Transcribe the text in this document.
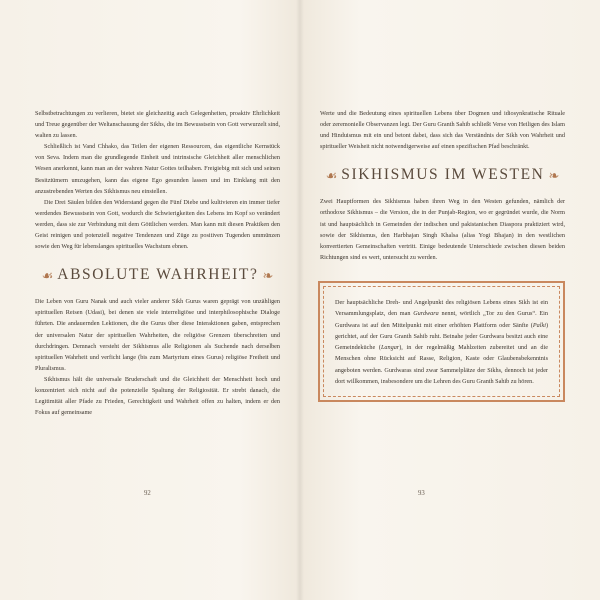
Selbstbetrachtungen zu verlieren, bietet sie gleichzeitig auch Gelegenheiten, proaktiv Ehrlichkeit und Treue gegenüber der Weltanschauung der Sikhs, die im Bewusstsein von Gott verwurzelt sind, walten zu lassen.

Schließlich ist Vand Chhako, das Teilen der eigenen Ressourcen, das eigentliche Kernstück von Seva. Indem man die grundlegende Einheit und intrinsische Gleichheit aller menschlichen Wesen anerkennt, kann man an der wahren Natur Gottes teilhaben. Freigiebig mit sich und seinen Besitztümern umzugehen, kann das eigene Ego gesunden lassen und im Einklang mit den anzustrebenden Werten des Sikhismus neu einstellen.

Die Drei Säulen bilden den Widerstand gegen die Fünf Diebe und kultivieren ein immer tiefer werdendes Bewusstsein von Gott, wodurch die Schwierigkeiten des Lebens im Kopf so verändert werden, dass sie zur Verbindung mit dem Göttlichen werden. Man kann mit diesen Praktiken den Geist reinigen und potenziell negative Tendenzen und Züge zu positiven Tugenden ummünzen sowie den Weg für lebenslanges spirituelles Wachstum ebnen.

☙ ABSOLUTE WAHRHEIT? ❧

Die Leben von Guru Nanak und auch vieler anderer Sikh Gurus waren geprägt von unzähligen spirituellen Reisen (Udasi), bei denen sie viele interreligiöse und interphilosophische Dialoge führten. Die andauernden Lektionen, die die Gurus über diese Interaktionen gaben, entsprechen der universalen Natur der spirituellen Wahrheiten, die religiöse Grenzen überschreiten und durchdringen. Demnach versteht der Sikhismus alle Religionen als Suchende nach derselben spirituellen Wahrheit und verficht lange (bis zum Martyrium eines Gurus) religiöse Freiheit und Pluralismus.

Sikhismus hält die universale Bruderschaft und die Gleichheit der Menschheit hoch und konzentriert sich nicht auf die potenzielle Spaltung der Religiosität. Er strebt danach, die Legitimität aller Pfade zu Frieden, Gerechtigkeit und Wahrheit offen zu halten, indem er den Fokus auf gemeinsame

92

Werte und die Bedeutung eines spirituellen Lebens über Dogmen und idiosynkratische Rituale oder zeremonielle Observanzen legt. Der Guru Granth Sahib schließt Verse von Heiligen des Islam und Hinduismus mit ein und betont dabei, dass sich das Verständnis der Sikh von Wahrheit und spiritueller Weisheit nicht notwendigerweise auf einen spezifischen Pfad beschränkt.

☙ SIKHISMUS IM WESTEN ❧

Zwei Hauptformen des Sikhismus haben ihren Weg in den Westen gefunden, nämlich der orthodoxe Sikhismus – die Version, die in der Punjab-Region, wo er gegründet wurde, die Norm ist und hauptsächlich in Gemeinden der indischen und pakistanischen Diaspora praktiziert wird, sowie der Sikhismus, den Harbhajan Singh Khalsa (alias Yogi Bhajan) in den westlichen konvertierten Gemeinschaften vertritt. Einige bedeutende Unterschiede zwischen diesen beiden Richtungen sind es wert, untersucht zu werden.

Der hauptsächliche Dreh- und Angelpunkt des religiösen Lebens eines Sikh ist ein Versammlungsplatz, den man Gurdwara nennt, wörtlich „Tor zu den Gurus“. Ein Gurdwara ist auf den Mittelpunkt mit einer erhöhten Plattform oder Sänfte (Palki) gerichtet, auf der Guru Granth Sahib ruht. Beinahe jeder Gurdwara besitzt auch eine Gemeindeküche (Langar), in der regelmäßig Mahlzeiten zubereitet und an die Menschen ohne Rücksicht auf Rasse, Religion, Kaste oder Glaubensbekenntnis angeboten werden. Gurdwaras sind zwar Sammelplätze der Sikhs, dennoch ist jeder dort willkommen, insbesondere um die Lehren des Guru Granth Sahib zu hören.
93
